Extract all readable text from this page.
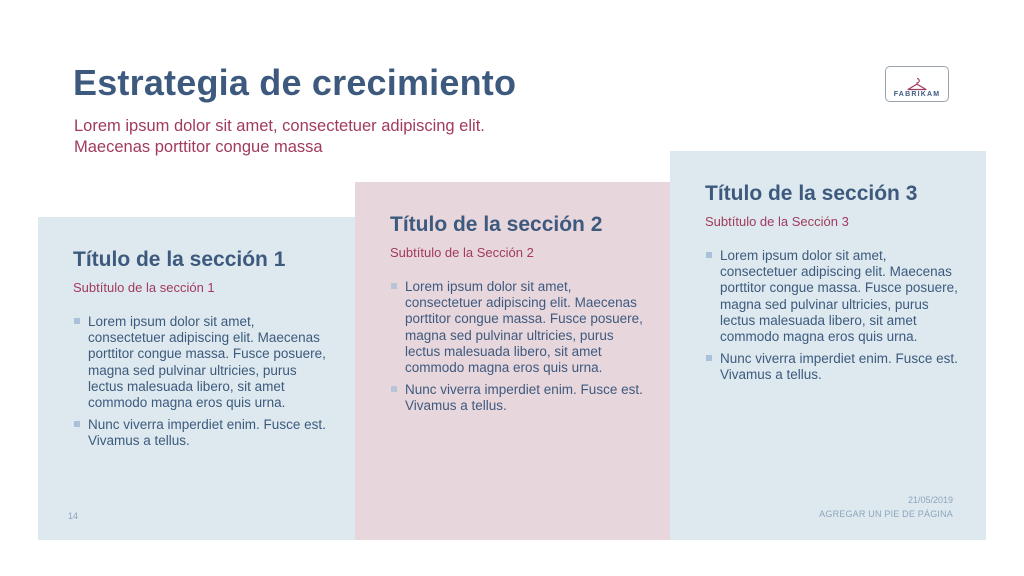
Estrategia de crecimiento
Lorem ipsum dolor sit amet, consectetuer adipiscing elit.
Maecenas porttitor congue massa
FABRIKAM
Título de la sección 1
Subtítulo de la sección 1
Lorem ipsum dolor sit amet, consectetuer adipiscing elit. Maecenas porttitor congue massa. Fusce posuere, magna sed pulvinar ultricies, purus lectus malesuada libero, sit amet commodo magna eros quis urna.
Nunc viverra imperdiet enim. Fusce est. Vivamus a tellus.
14
Título de la sección 2
Subtítulo de la Sección 2
Lorem ipsum dolor sit amet, consectetuer adipiscing elit. Maecenas porttitor congue massa. Fusce posuere, magna sed pulvinar ultricies, purus lectus malesuada libero, sit amet commodo magna eros quis urna.
Nunc viverra imperdiet enim. Fusce est. Vivamus a tellus.
Título de la sección 3
Subtítulo de la Sección 3
Lorem ipsum dolor sit amet, consectetuer adipiscing elit. Maecenas porttitor congue massa. Fusce posuere, magna sed pulvinar ultricies, purus lectus malesuada libero, sit amet commodo magna eros quis urna.
Nunc viverra imperdiet enim. Fusce est. Vivamus a tellus.
21/05/2019
AGREGAR UN PIE DE PÁGINA
